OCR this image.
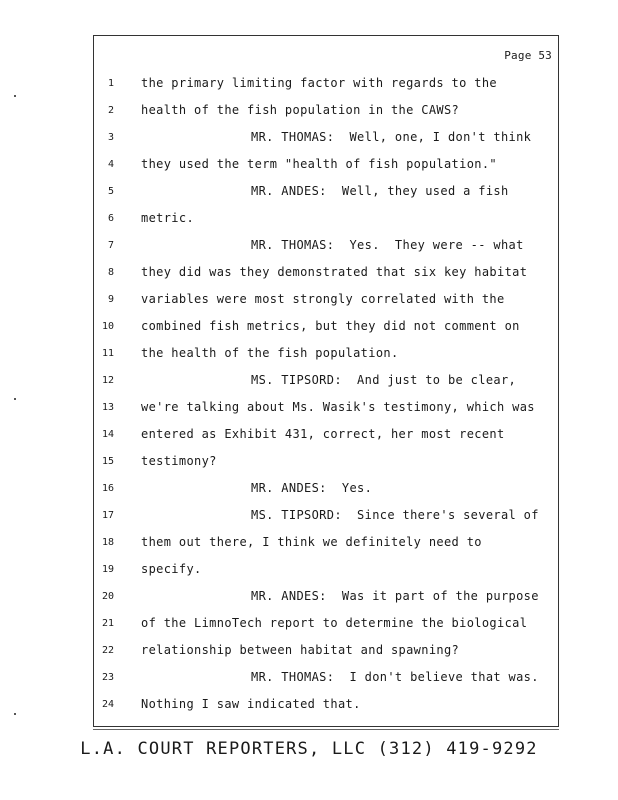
Page 53
1 the primary limiting factor with regards to the
2 health of the fish population in the CAWS?
3	MR. THOMAS:  Well, one, I don't think
4 they used the term "health of fish population."
5	MR. ANDES:  Well, they used a fish
6 metric.
7	MR. THOMAS:  Yes.  They were -- what
8 they did was they demonstrated that six key habitat
9 variables were most strongly correlated with the
10 combined fish metrics, but they did not comment on
11 the health of the fish population.
12	MS. TIPSORD:  And just to be clear,
13 we're talking about Ms. Wasik's testimony, which was
14 entered as Exhibit 431, correct, her most recent
15 testimony?
16	MR. ANDES:  Yes.
17	MS. TIPSORD:  Since there's several of
18 them out there, I think we definitely need to
19 specify.
20	MR. ANDES:  Was it part of the purpose
21 of the LimnoTech report to determine the biological
22 relationship between habitat and spawning?
23	MR. THOMAS:  I don't believe that was.
24 Nothing I saw indicated that.
L.A. COURT REPORTERS, LLC (312) 419-9292
